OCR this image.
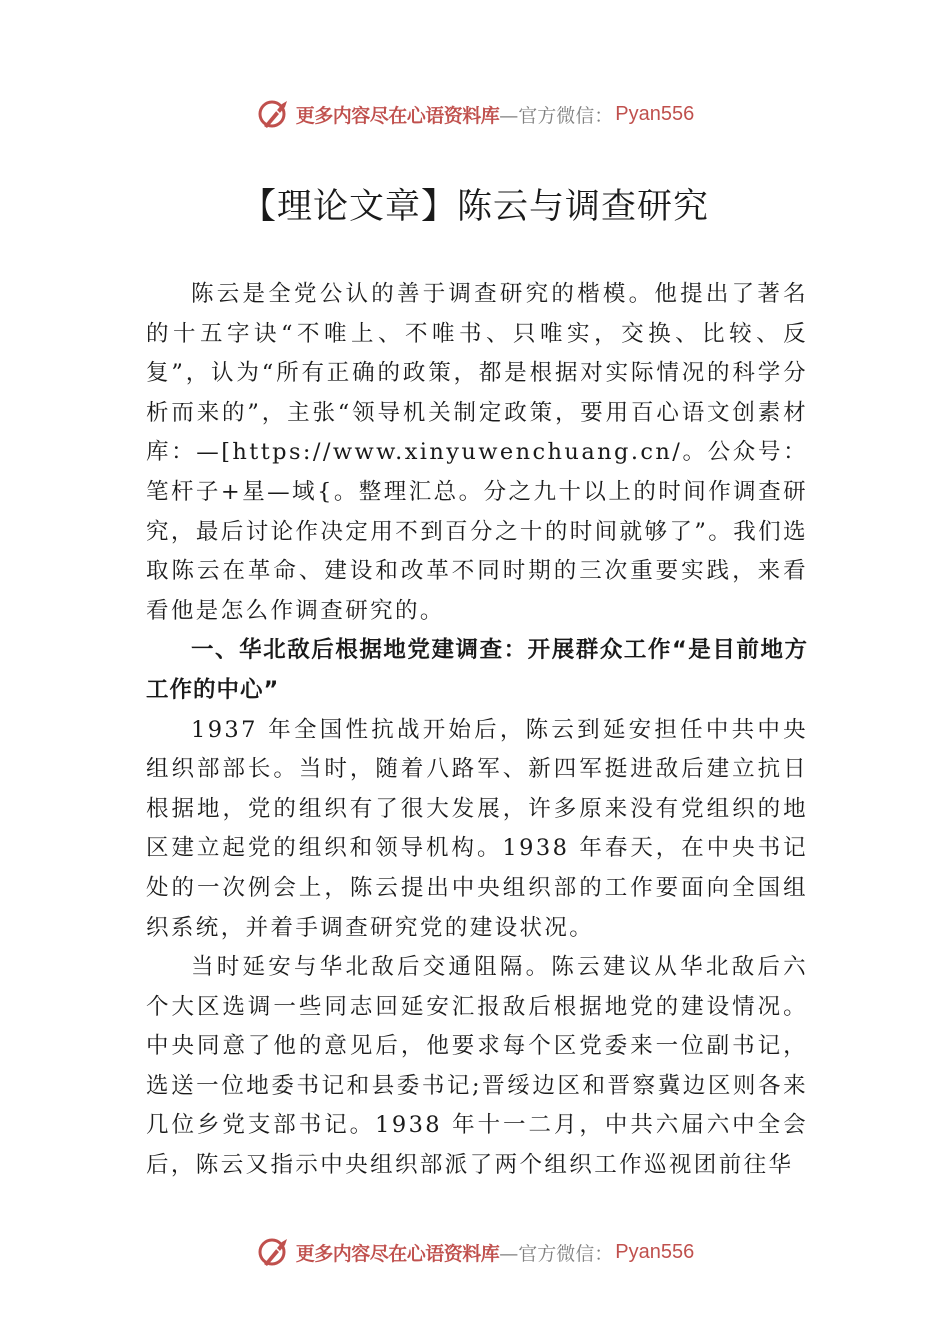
更多内容尽在心语资料库 —官方微信： Pyan556
【理论文章】陈云与调查研究

陈云是全党公认的善于调查研究的楷模。他提出了著名的十五字诀“不唯上、不唯书、只唯实，交换、比较、反复”，认为“所有正确的政策，都是根据对实际情况的科学分析而来的”，主张“领导机关制定政策，要用百心语文创素材库：—[https://www.xinyuwenchuang.cn/。公众号：笔杆子+星—域{。整理汇总。分之九十以上的时间作调查研究，最后讨论作决定用不到百分之十的时间就够了”。我们选取陈云在革命、建设和改革不同时期的三次重要实践，来看看他是怎么作调查研究的。

一、华北敌后根据地党建调查：开展群众工作“是目前地方工作的中心”

1937 年全国性抗战开始后，陈云到延安担任中共中央组织部部长。当时，随着八路军、新四军挺进敌后建立抗日根据地，党的组织有了很大发展，许多原来没有党组织的地区建立起党的组织和领导机构。1938 年春天，在中央书记处的一次例会上，陈云提出中央组织部的工作要面向全国组织系统，并着手调查研究党的建设状况。

当时延安与华北敌后交通阻隔。陈云建议从华北敌后六个大区选调一些同志回延安汇报敌后根据地党的建设情况。 中央同意了他的意见后，他要求每个区党委来一位副书记， 选送一位地委书记和县委书记;晋绥边区和晋察冀边区则各来几位乡党支部书记。1938 年十一二月，中共六届六中全会后，陈云又指示中央组织部派了两个组织工作巡视团前往华

更多内容尽在心语资料库 —官方微信： Pyan556
